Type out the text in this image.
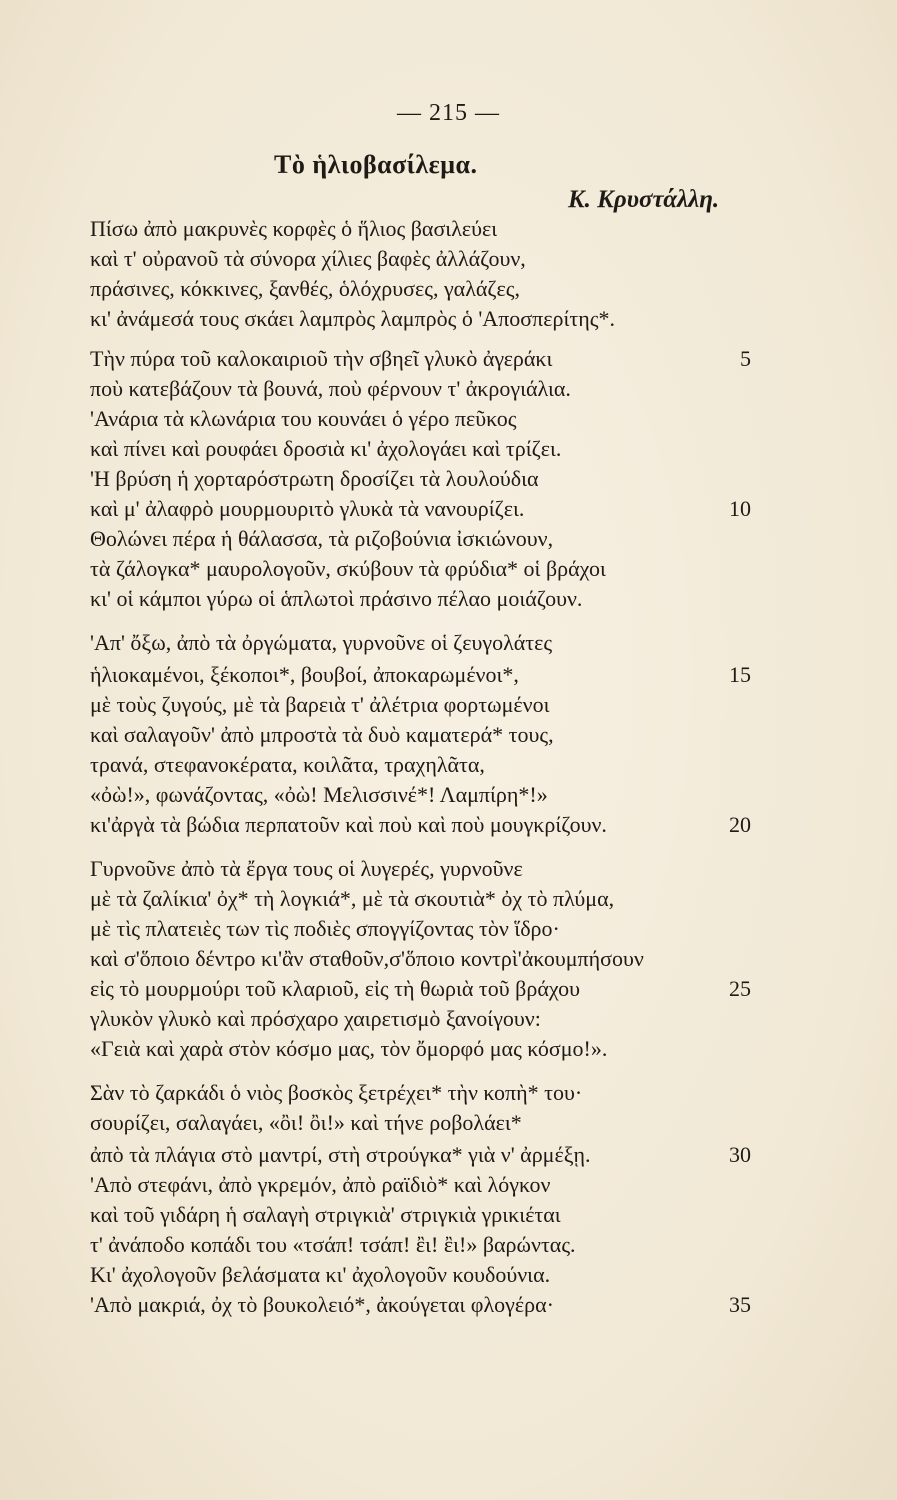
— 215 —
Τὸ ἡλιοβασίλεμα.
Κ. Κρυστάλλη.
Πίσω ἀπὸ μακρυνὲς κορφὲς ὁ ἥλιος βασιλεύει
καὶ τ' οὐρανοῦ τὰ σύνορα χίλιες βαφὲς ἀλλάζουν,
πράσινες, κόκκινες, ξανθές, ὁλόχρυσες, γαλάζες,
κι' ἀνάμεσά τους σκάει λαμπρὸς λαμπρὸς ὁ 'Αποσπερίτης*.
Τὴν πύρα τοῦ καλοκαιριοῦ τὴν σβηεῖ γλυκὸ ἀγεράκι	5
ποὺ κατεβάζουν τὰ βουνά, ποὺ φέρνουν τ' ἀκρογιάλια.
'Ανάρια τὰ κλωνάρια του κουνάει ὁ γέρο πεῦκος
καὶ πίνει καὶ ρουφάει δροσιὰ κι' ἀχολογάει καὶ τρίζει.
'Η βρύση ἡ χορταρόστρωτη δροσίζει τὰ λουλούδια
καὶ μ' ἀλαφρὸ μουρμουριτὸ γλυκὰ τὰ νανουρίζει.	10
Θολώνει πέρα ἡ θάλασσα, τὰ ριζοβούνια ἰσκιώνουν,
τὰ ζάλογκα* μαυρολογοῦν, σκύβουν τὰ φρύδια* οἱ βράχοι
κι' οἱ κάμποι γύρω οἱ ἁπλωτοὶ πράσινο πέλαο μοιάζουν.
'Απ' ὄξω, ἀπὸ τὰ ὀργώματα, γυρνοῦνε οἱ ζευγολάτες
ἡλιοκαμένοι, ξέκοποι*, βουβοί, ἀποκαρωμένοι*,	15
μὲ τοὺς ζυγούς, μὲ τὰ βαρειὰ τ' ἀλέτρια φορτωμένοι
καὶ σαλαγοῦν' ἀπὸ μπροστὰ τὰ δυὸ καματερά* τους,
τρανά, στεφανοκέρατα, κοιλᾶτα, τραχηλᾶτα,
«ὀὼ!», φωνάζοντας, «ὀὼ! Μελισσινέ*! Λαμπίρη*!»
κι'ἀργὰ τὰ βώδια περπατοῦν καὶ ποὺ καὶ ποὺ μουγκρίζουν.	20
Γυρνοῦνε ἀπὸ τὰ ἔργα τους οἱ λυγερές, γυρνοῦνε
μὲ τὰ ζαλίκια' ὀχ* τὴ λογκιά*, μὲ τὰ σκουτιὰ* ὀχ τὸ πλύμα,
μὲ τὶς πλατειὲς των τὶς ποδιὲς σπογγίζοντας τὸν ἵδρο·
καὶ σ'ὅποιο δέντρο κι'ἂν σταθοῦν,σ'ὅποιο κοντρὶ'ἀκουμπήσουν
εἰς τὸ μουρμούρι τοῦ κλαριοῦ, εἰς τὴ θωριὰ τοῦ βράχου	25
γλυκὸν γλυκὸ καὶ πρόσχαρο χαιρετισμὸ ξανοίγουν:
«Γειὰ καὶ χαρὰ στὸν κόσμο μας, τὸν ὄμορφό μας κόσμο!».
Σὰν τὸ ζαρκάδι ὁ νιὸς βοσκὸς ξετρέχει* τὴν κοπὴ* του·
σουρίζει, σαλαγάει, «ὂι! ὂι!» καὶ τήνε ροβολάει*
ἀπὸ τὰ πλάγια στὸ μαντρί, στὴ στρούγκα* γιὰ ν' ἀρμέξῃ.	30
'Απὸ στεφάνι, ἀπὸ γκρεμόν, ἀπὸ ραϊδιὸ* καὶ λόγκον
καὶ τοῦ γιδάρη ἡ σαλαγὴ στριγκιὰ' στριγκιὰ γρικιέται
τ' ἀνάποδο κοπάδι του «τσάπ! τσάπ! ἒι! ἒι!» βαρώντας.
Κι' ἀχολογοῦν βελάσματα κι' ἀχολογοῦν κουδούνια.
'Απὸ μακριά, ὀχ τὸ βουκολειό*, ἀκούγεται φλογέρα·	35
